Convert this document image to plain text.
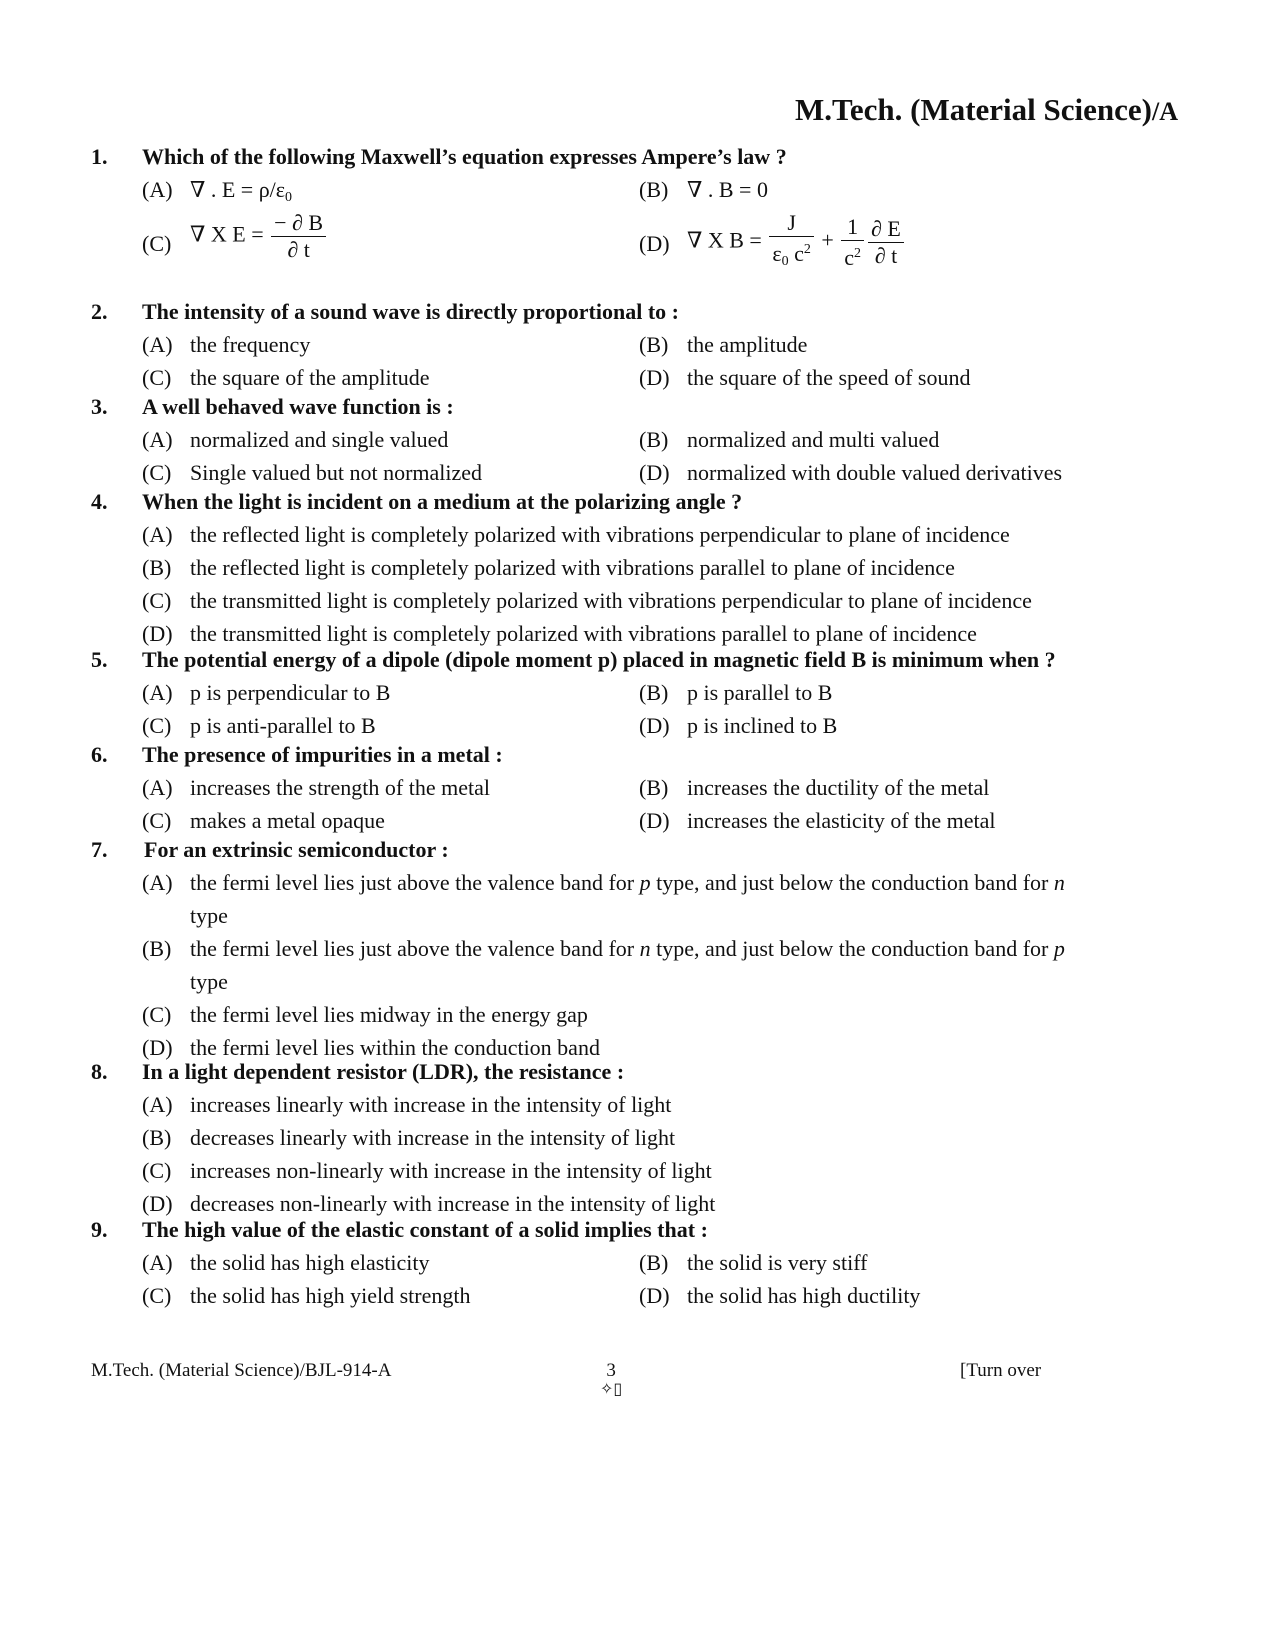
M.Tech. (Material Science)/A
1. Which of the following Maxwell’s equation expresses Ampere’s law ?
(A) ∇ . $E = \rho/\varepsilon_0$	(B) ∇ . B = 0
(C) ∇ X $E = \frac{- \partial B}{\partial t}$	(D) ∇ X $B = \frac{J}{\varepsilon_0 c^2} + \frac{1}{c^2} \frac{\partial E}{\partial t}$
2. The intensity of a sound wave is directly proportional to :
(A) the frequency	(B) the amplitude
(C) the square of the amplitude	(D) the square of the speed of sound
3. A well behaved wave function is :
(A) normalized and single valued	(B) normalized and multi valued
(C) Single valued but not normalized	(D) normalized with double valued derivatives
4. When the light is incident on a medium at the polarizing angle ?
(A) the reflected light is completely polarized with vibrations perpendicular to plane of incidence
(B) the reflected light is completely polarized with vibrations parallel to plane of incidence
(C) the transmitted light is completely polarized with vibrations perpendicular to plane of incidence
(D) the transmitted light is completely polarized with vibrations parallel to plane of incidence
5. The potential energy of a dipole (dipole moment p) placed in magnetic field B is minimum when ?
(A) p is perpendicular to B	(B) p is parallel to B
(C) p is anti-parallel to B	(D) p is inclined to B
6. The presence of impurities in a metal :
(A) increases the strength of the metal	(B) increases the ductility of the metal
(C) makes a metal opaque	(D) increases the elasticity of the metal
7. For an extrinsic semiconductor :
(A) the fermi level lies just above the valence band for p type, and just below the conduction band for n type
(B) the fermi level lies just above the valence band for n type, and just below the conduction band for p type
(C) the fermi level lies midway in the energy gap
(D) the fermi level lies within the conduction band
8. In a light dependent resistor (LDR), the resistance :
(A) increases linearly with increase in the intensity of light
(B) decreases linearly with increase in the intensity of light
(C) increases non-linearly with increase in the intensity of light
(D) decreases non-linearly with increase in the intensity of light
9. The high value of the elastic constant of a solid implies that :
(A) the solid has high elasticity	(B) the solid is very stiff
(C) the solid has high yield strength	(D) the solid has high ductility
M.Tech. (Material Science)/BJL-914-A	3
✧▯
[Turn over
